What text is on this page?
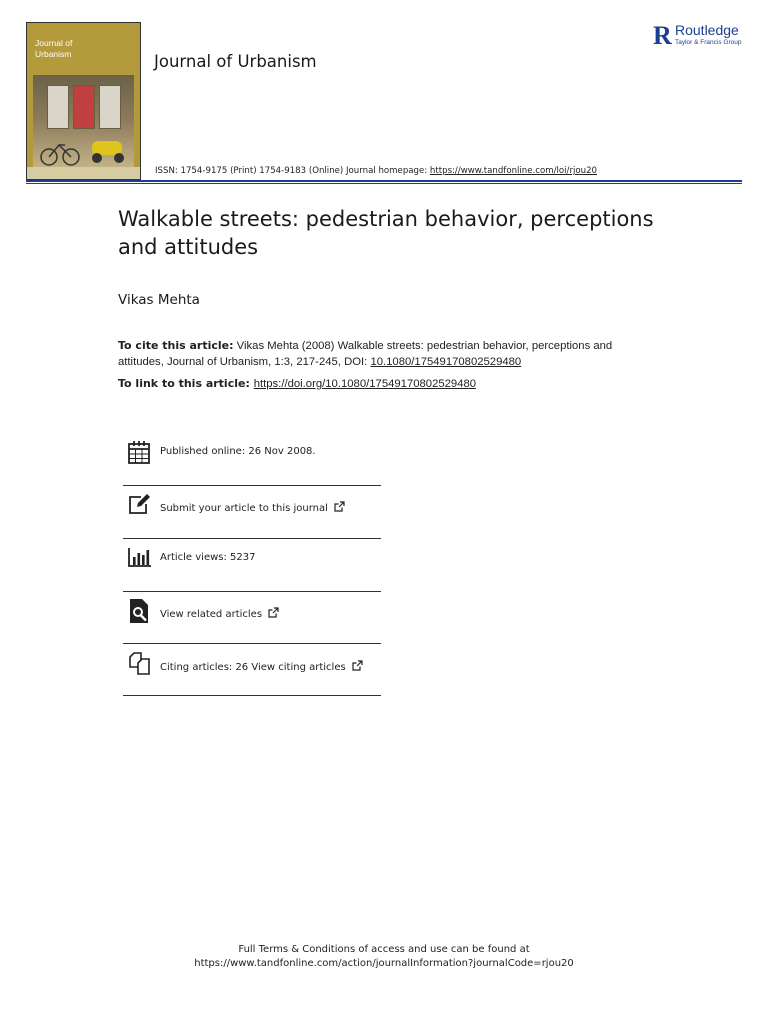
Journal of
Urbanism
 	Journal of Urbanism
R Routledge
Taylor & Francis Group
ISSN: 1754-9175 (Print) 1754-9183 (Online) Journal homepage: https://www.tandfonline.com/loi/rjou20
Walkable streets: pedestrian behavior, perceptions and attitudes
Vikas Mehta
To cite this article: Vikas Mehta (2008) Walkable streets: pedestrian behavior, perceptions and attitudes, Journal of Urbanism, 1:3, 217-245, DOI: 10.1080/17549170802529480
To link to this article: https://doi.org/10.1080/17549170802529480
Published online: 26 Nov 2008.
Submit your article to this journal
Article views: 5237
View related articles
Citing articles: 26 View citing articles
Full Terms & Conditions of access and use can be found at
https://www.tandfonline.com/action/journalInformation?journalCode=rjou20
